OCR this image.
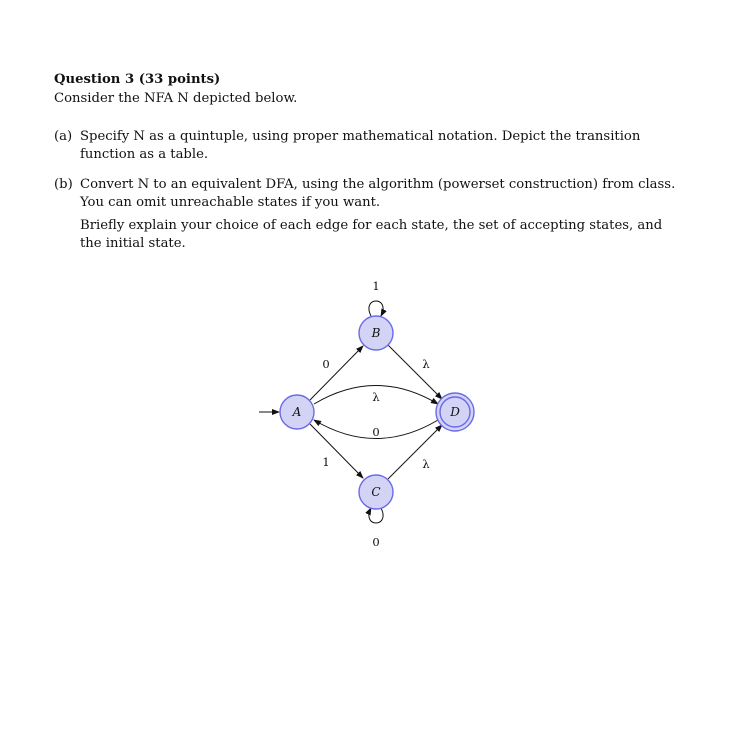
Question 3 (33 points)
Consider the NFA N depicted below.
(a) Specify N as a quintuple, using proper mathematical notation. Depict the transition function as a table.
(b) Convert N to an equivalent DFA, using the algorithm (powerset construction) from class. You can omit unreachable states if you want.
Briefly explain your choice of each edge for each state, the set of accepting states, and the initial state.
B
A
C
D
0
1
λ
0
1
0
λ
λ
